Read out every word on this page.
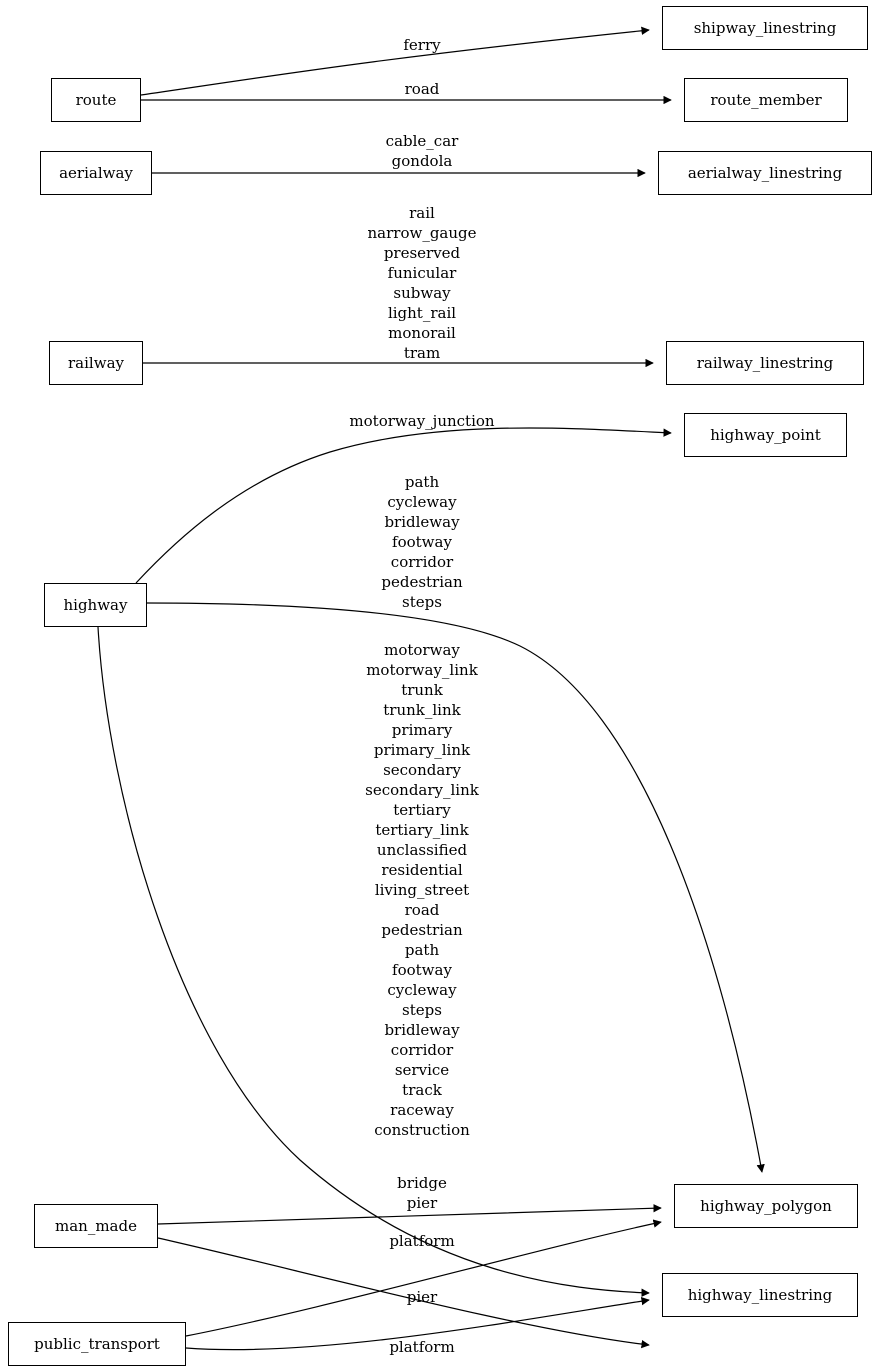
route
shipway_linestring
route_member
aerialway	aerialway_linestring
railway	railway_linestring
highway_point
highway
highway_polygon
man_made
highway_linestring
public_transport
ferry
road
cable_car
gondola
rail
narrow_gauge
preserved
funicular
subway
light_rail
monorail
tram
motorway_junction
path
cycleway
bridleway
footway
corridor
pedestrian
steps
motorway
motorway_link
trunk
trunk_link
primary
primary_link
secondary
secondary_link
tertiary
tertiary_link
unclassified
residential
living_street
road
pedestrian
path
footway
cycleway
steps
bridleway
corridor
service
track
raceway
construction
bridge
pier
platform
pier
platform
